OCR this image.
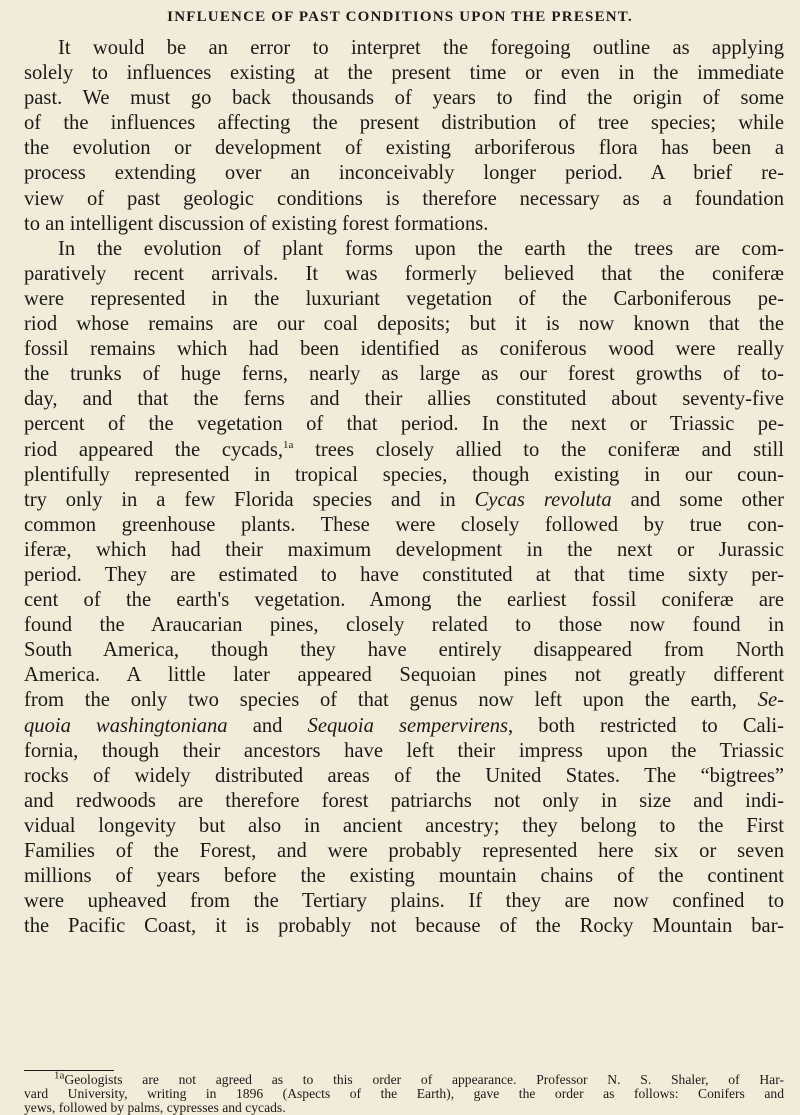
INFLUENCE OF PAST CONDITIONS UPON THE PRESENT.
It would be an error to interpret the foregoing outline as applying
solely to influences existing at the present time or even in the immediate
past. We must go back thousands of years to find the origin of some
of the influences affecting the present distribution of tree species; while
the evolution or development of existing arboriferous flora has been a
process extending over an inconceivably longer period. A brief re-
view of past geologic conditions is therefore necessary as a foundation
to an intelligent discussion of existing forest formations.
In the evolution of plant forms upon the earth the trees are com-
paratively recent arrivals. It was formerly believed that the coniferæ
were represented in the luxuriant vegetation of the Carboniferous pe-
riod whose remains are our coal deposits; but it is now known that the
fossil remains which had been identified as coniferous wood were really
the trunks of huge ferns, nearly as large as our forest growths of to-
day, and that the ferns and their allies constituted about seventy-five
percent of the vegetation of that period. In the next or Triassic pe-
riod appeared the cycads,$^{1a}$ trees closely allied to the coniferæ and still
plentifully represented in tropical species, though existing in our coun-
try only in a few Florida species and in Cycas revoluta and some other
common greenhouse plants. These were closely followed by true con-
iferæ, which had their maximum development in the next or Jurassic
period. They are estimated to have constituted at that time sixty per-
cent of the earth's vegetation. Among the earliest fossil coniferæ are
found the Araucarian pines, closely related to those now found in
South America, though they have entirely disappeared from North
America. A little later appeared Sequoian pines not greatly different
from the only two species of that genus now left upon the earth, Se-
quoia washingtoniana and Sequoia sempervirens, both restricted to Cali-
fornia, though their ancestors have left their impress upon the Triassic
rocks of widely distributed areas of the United States. The “bigtrees”
and redwoods are therefore forest patriarchs not only in size and indi-
vidual longevity but also in ancient ancestry; they belong to the First
Families of the Forest, and were probably represented here six or seven
millions of years before the existing mountain chains of the continent
were upheaved from the Tertiary plains. If they are now confined to
the Pacific Coast, it is probably not because of the Rocky Mountain bar-
$^{1a}$Geologists are not agreed as to this order of appearance. Professor N. S. Shaler, of Har-
vard University, writing in 1896 (Aspects of the Earth), gave the order as follows: Conifers and
yews, followed by palms, cypresses and cycads.
